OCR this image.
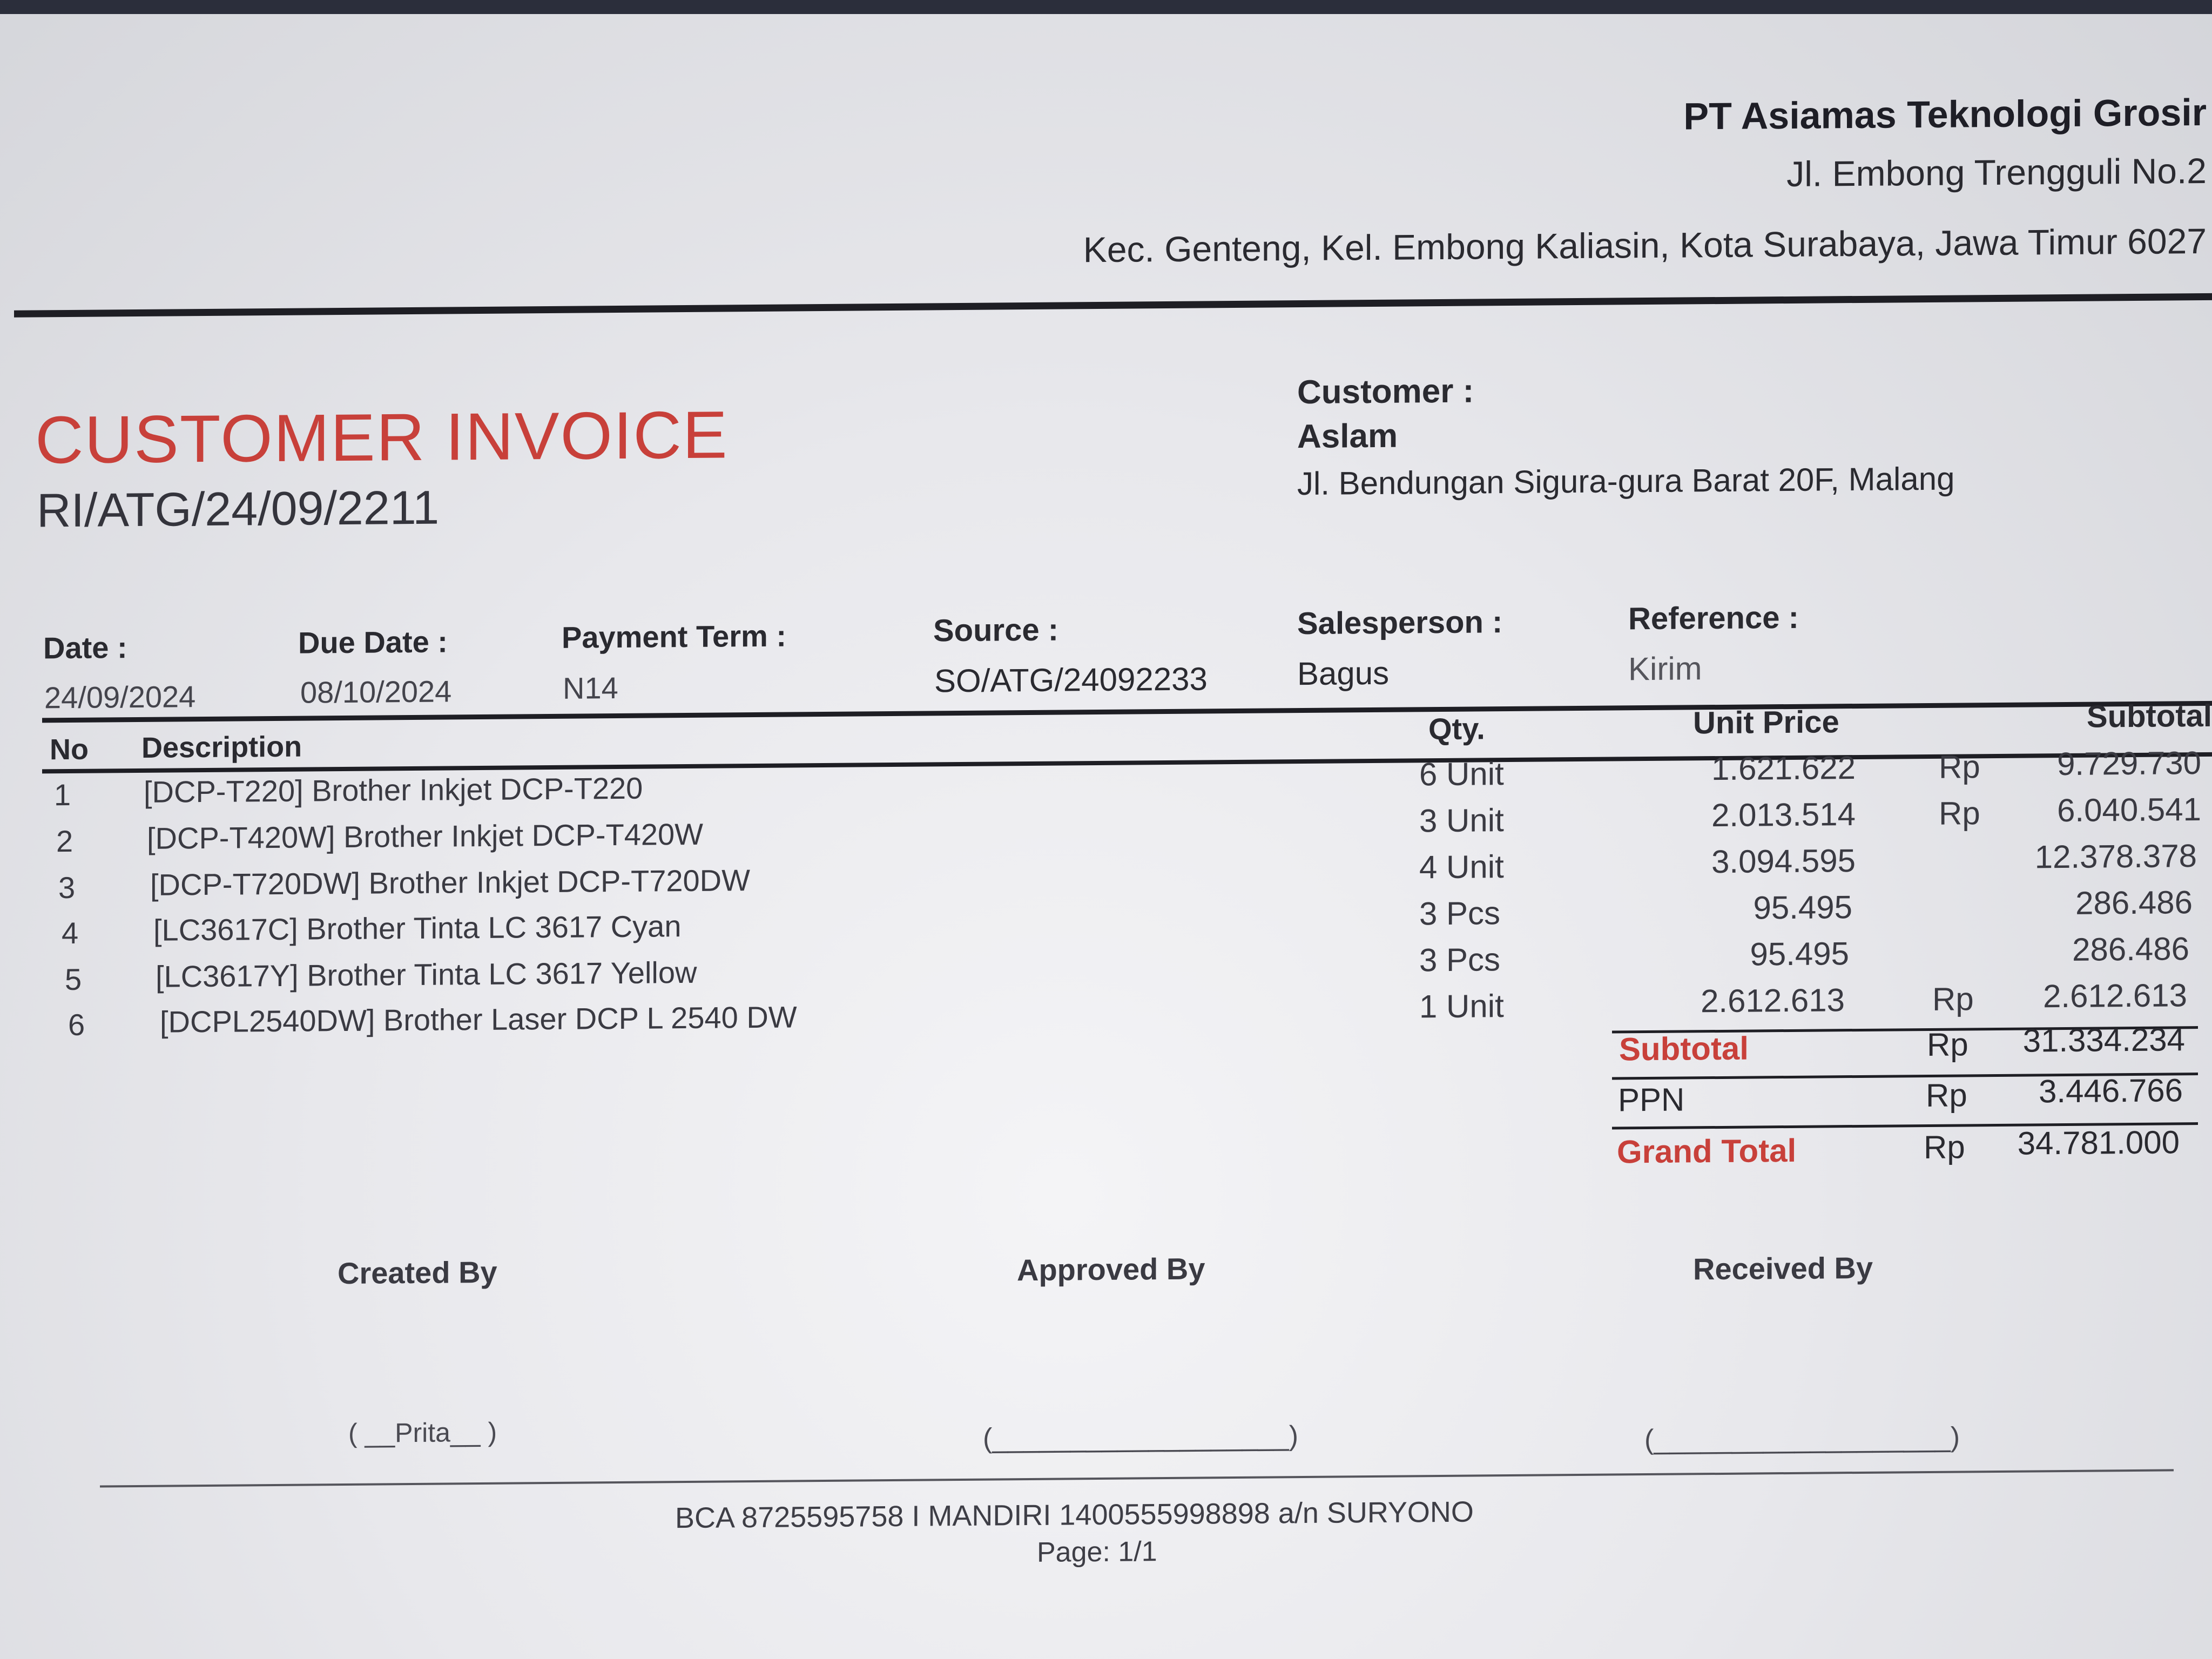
PT Asiamas Teknologi Grosir
Jl. Embong Trengguli No.2
Kec. Genteng, Kel. Embong Kaliasin, Kota Surabaya, Jawa Timur 6027
CUSTOMER INVOICE
RI/ATG/24/09/2211
Customer :
Aslam
Jl. Bendungan Sigura-gura Barat 20F, Malang
Date :
24/09/2024
Due Date :
08/10/2024
Payment Term :
N14
Source :
SO/ATG/24092233
Salesperson :
Bagus
Reference :
Kirim
No Description
Qty.	Unit Price	Subtotal
1 [DCP-T220] Brother Inkjet DCP-T220	6 Unit	1.621.622	Rp 9.729.730
2 [DCP-T420W] Brother Inkjet DCP-T420W	3 Unit	2.013.514	Rp 6.040.541
3 [DCP-T720DW] Brother Inkjet DCP-T720DW	4 Unit	3.094.595	12.378.378
4 [LC3617C] Brother Tinta LC 3617 Cyan	3 Pcs	95.495	286.486
5 [LC3617Y] Brother Tinta LC 3617 Yellow	3 Pcs	95.495	286.486
6 [DCPL2540DW] Brother Laser DCP L 2540 DW	1 Unit	2.612.613	Rp 2.612.613
Subtotal	Rp 31.334.234
PPN	Rp 3.446.766
Grand Total	Rp 34.781.000
Created By
( __Prita__ )
Approved By
(___________________)
Received By
(___________________)
BCA 8725595758 I MANDIRI 1400555998898 a/n SURYONO
Page: 1/1
